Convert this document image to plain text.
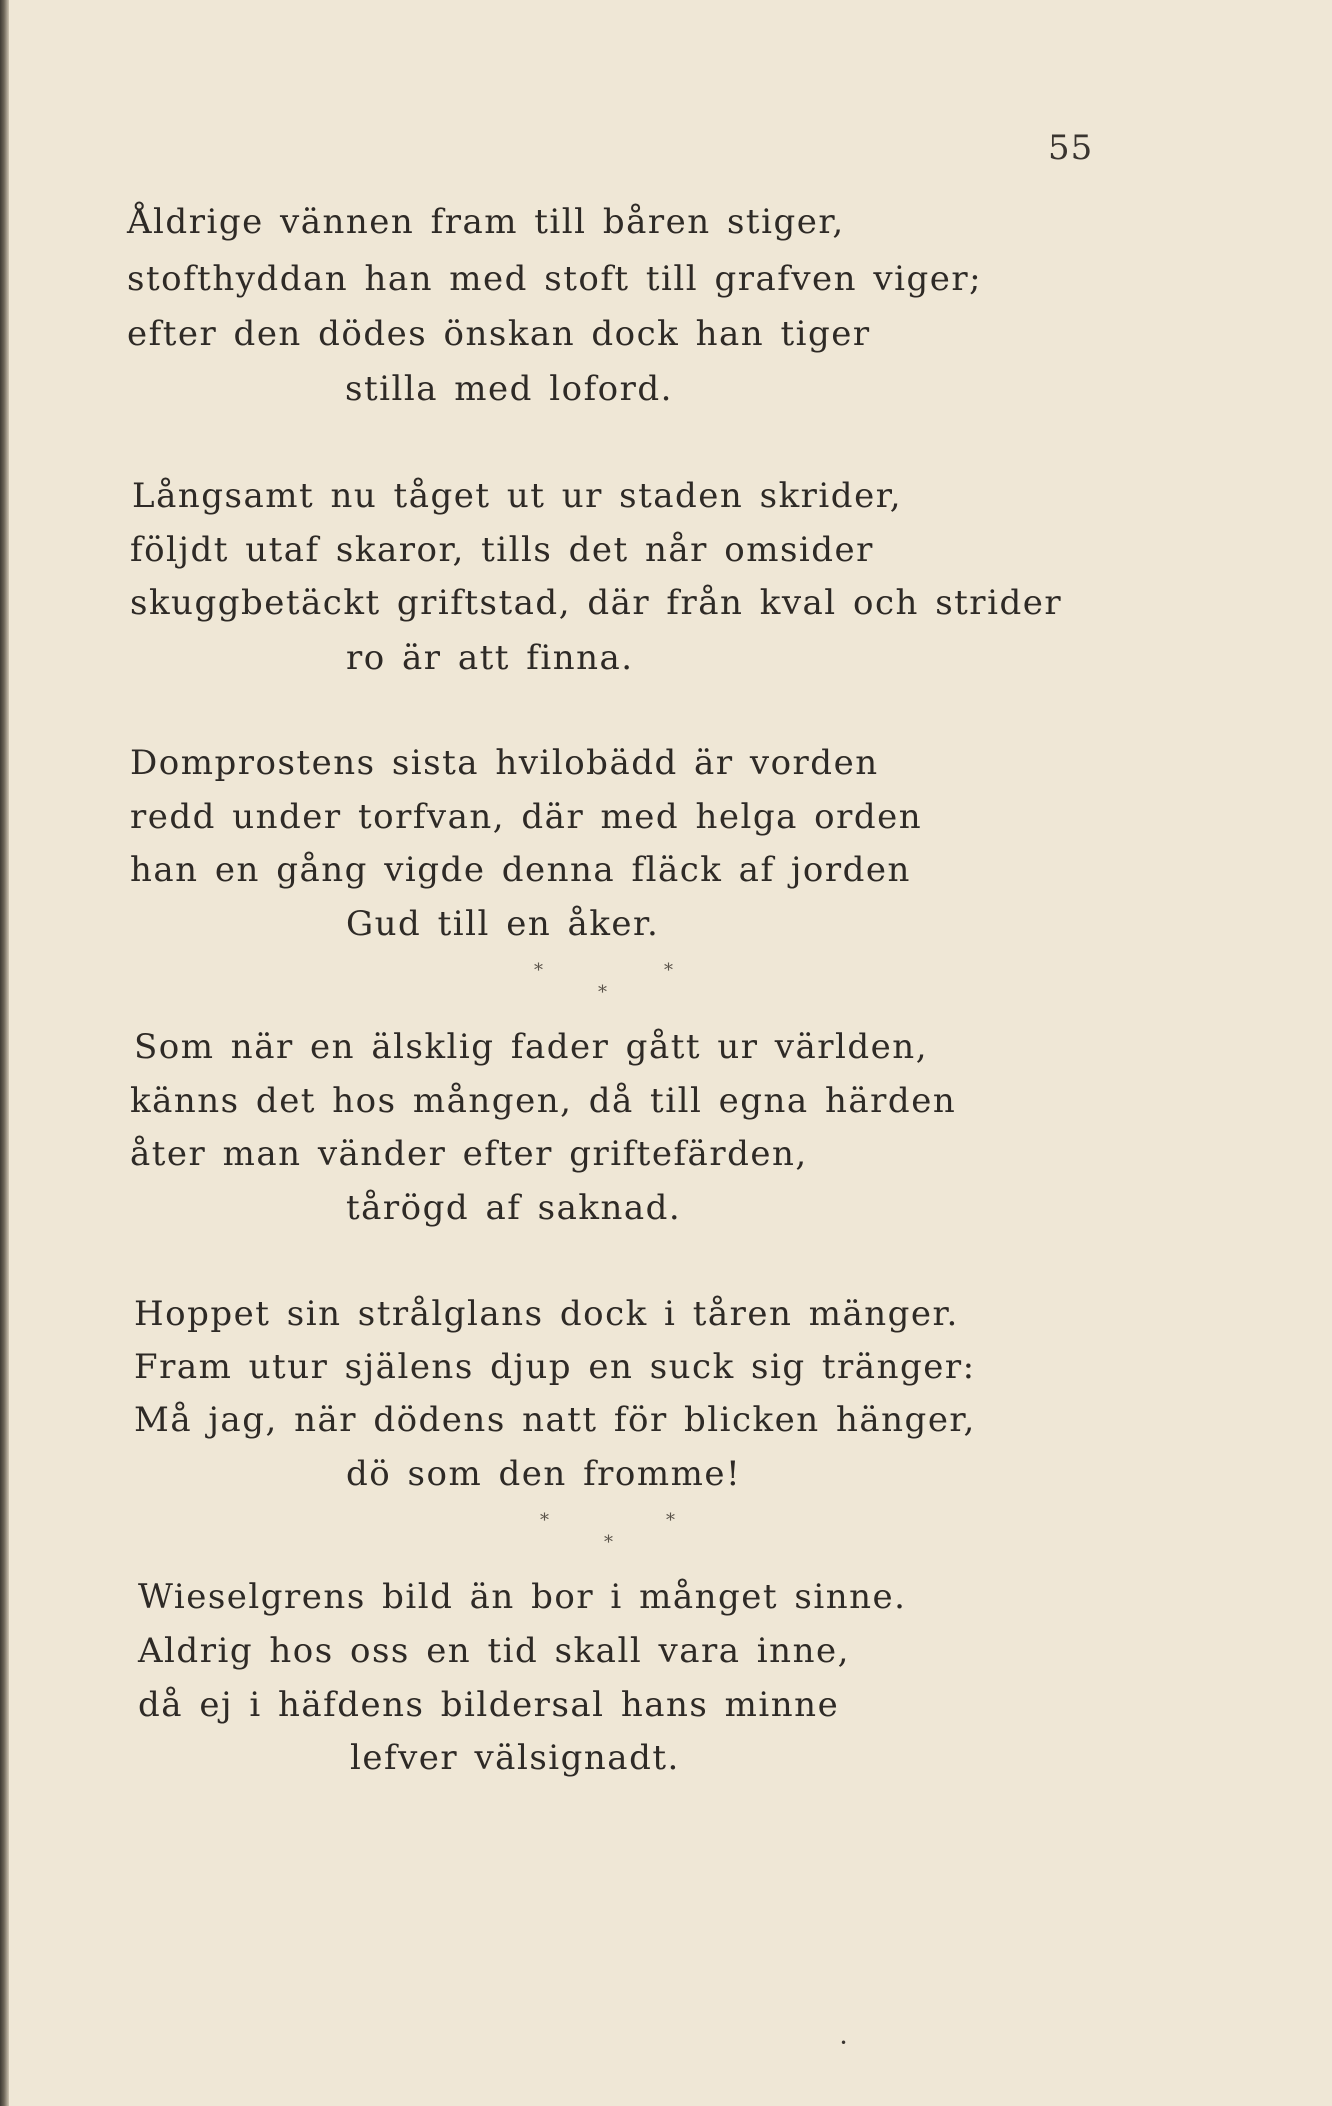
55
Åldrige vännen fram till båren stiger,
stofthyddan han med stoft till grafven viger;
efter den dödes önskan dock han tiger
stilla med loford.
Långsamt nu tåget ut ur staden skrider,
följdt utaf skaror, tills det når omsider
skuggbetäckt griftstad, där från kval och strider
ro är att finna.
Domprostens sista hvilobädd är vorden
redd under torfvan, där med helga orden
han en gång vigde denna fläck af jorden
Gud till en åker.
*	*
*
Som när en älsklig fader gått ur världen,
känns det hos mången, då till egna härden
åter man vänder efter griftefärden,
tårögd af saknad.
Hoppet sin strålglans dock i tåren mänger.
Fram utur själens djup en suck sig tränger:
Må jag, när dödens natt för blicken hänger,
dö som den fromme!
*	*
*
Wieselgrens bild än bor i månget sinne.
Aldrig hos oss en tid skall vara inne,
då ej i häfdens bildersal hans minne
lefver välsignadt.
•
